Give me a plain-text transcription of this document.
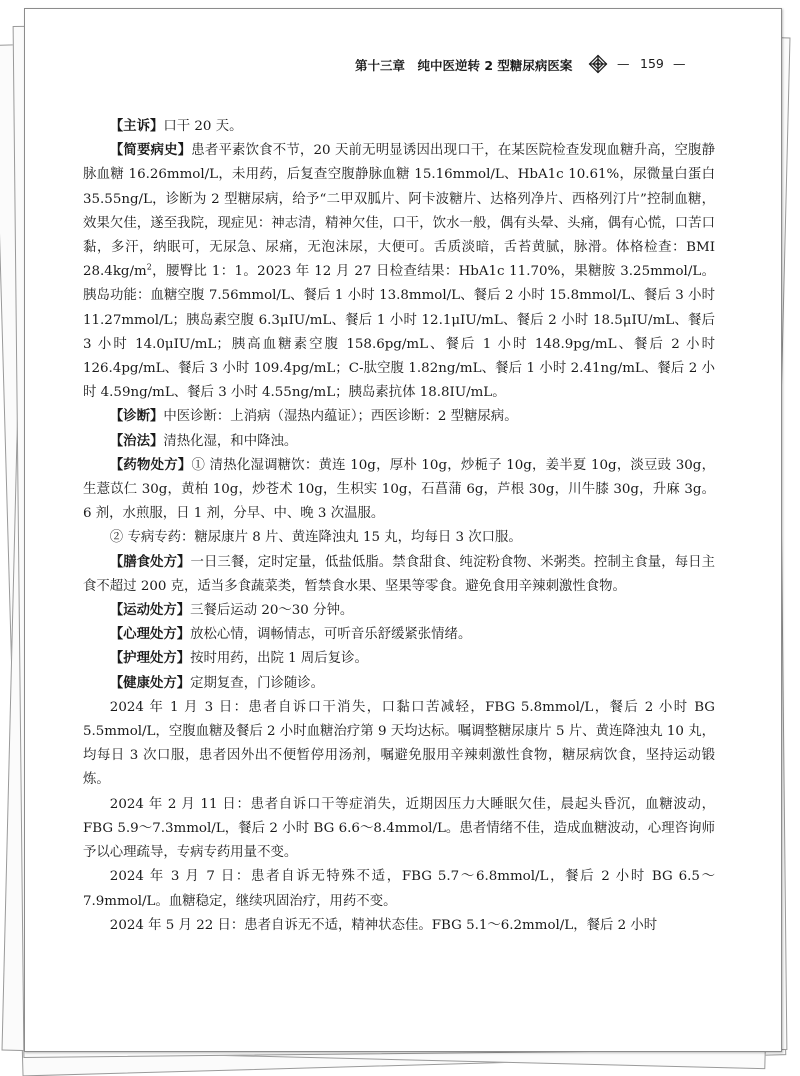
第十三章　纯中医逆转 2 型糖尿病医案	— 159 —

【主诉】口干 20 天。

【简要病史】患者平素饮食不节，20 天前无明显诱因出现口干，在某医院检查发现血糖升高，空腹静脉血糖 16.26mmol/L，未用药，后复查空腹静脉血糖 15.16mmol/L、HbA1c 10.61%，尿微量白蛋白 35.55ng/L，诊断为 2 型糖尿病，给予“二甲双胍片、阿卡波糖片、达格列净片、西格列汀片”控制血糖，效果欠佳，遂至我院，现症见：神志清，精神欠佳，口干，饮水一般，偶有头晕、头痛，偶有心慌，口苦口黏，多汗，纳眠可，无尿急、尿痛，无泡沫尿，大便可。舌质淡暗，舌苔黄腻，脉滑。体格检查：BMI $28.4kg/m^2$，腰臀比 1：1。2023 年 12 月 27 日检查结果：HbA1c 11.70%，果糖胺 3.25mmol/L。胰岛功能：血糖空腹 7.56mmol/L、餐后 1 小时 13.8mmol/L、餐后 2 小时 15.8mmol/L、餐后 3 小时 11.27mmol/L；胰岛素空腹 6.3μIU/mL、餐后 1 小时 12.1μIU/mL、餐后 2 小时 18.5μIU/mL、餐后 3 小时 14.0μIU/mL；胰高血糖素空腹 158.6pg/mL、餐后 1 小时 148.9pg/mL、餐后 2 小时 126.4pg/mL、餐后 3 小时 109.4pg/mL；C-肽空腹 1.82ng/mL、餐后 1 小时 2.41ng/mL、餐后 2 小时 4.59ng/mL、餐后 3 小时 4.55ng/mL；胰岛素抗体 18.8IU/mL。

【诊断】中医诊断：上消病（湿热内蕴证）；西医诊断：2 型糖尿病。

【治法】清热化湿，和中降浊。

【药物处方】① 清热化湿调糖饮：黄连 10g，厚朴 10g，炒栀子 10g，姜半夏 10g，淡豆豉 30g，生薏苡仁 30g，黄柏 10g，炒苍术 10g，生枳实 10g，石菖蒲 6g，芦根 30g，川牛膝 30g，升麻 3g。6 剂，水煎服，日 1 剂，分早、中、晚 3 次温服。

② 专病专药：糖尿康片 8 片、黄连降浊丸 15 丸，均每日 3 次口服。

【膳食处方】一日三餐，定时定量，低盐低脂。禁食甜食、纯淀粉食物、米粥类。控制主食量，每日主食不超过 200 克，适当多食蔬菜类，暂禁食水果、坚果等零食。避免食用辛辣刺激性食物。

【运动处方】三餐后运动 20～30 分钟。

【心理处方】放松心情，调畅情志，可听音乐舒缓紧张情绪。

【护理处方】按时用药，出院 1 周后复诊。

【健康处方】定期复查，门诊随诊。

2024 年 1 月 3 日：患者自诉口干消失，口黏口苦减轻，FBG 5.8mmol/L，餐后 2 小时 BG 5.5mmol/L，空腹血糖及餐后 2 小时血糖治疗第 9 天均达标。嘱调整糖尿康片 5 片、黄连降浊丸 10 丸，均每日 3 次口服，患者因外出不便暂停用汤剂，嘱避免服用辛辣刺激性食物，糖尿病饮食，坚持运动锻炼。

2024 年 2 月 11 日：患者自诉口干等症消失，近期因压力大睡眠欠佳，晨起头昏沉，血糖波动，FBG 5.9～7.3mmol/L，餐后 2 小时 BG 6.6～8.4mmol/L。患者情绪不佳，造成血糖波动，心理咨询师予以心理疏导，专病专药用量不变。

2024 年 3 月 7 日：患者自诉无特殊不适，FBG 5.7～6.8mmol/L，餐后 2 小时 BG 6.5～7.9mmol/L。血糖稳定，继续巩固治疗，用药不变。

2024 年 5 月 22 日：患者自诉无不适，精神状态佳。FBG 5.1～6.2mmol/L，餐后 2 小时
